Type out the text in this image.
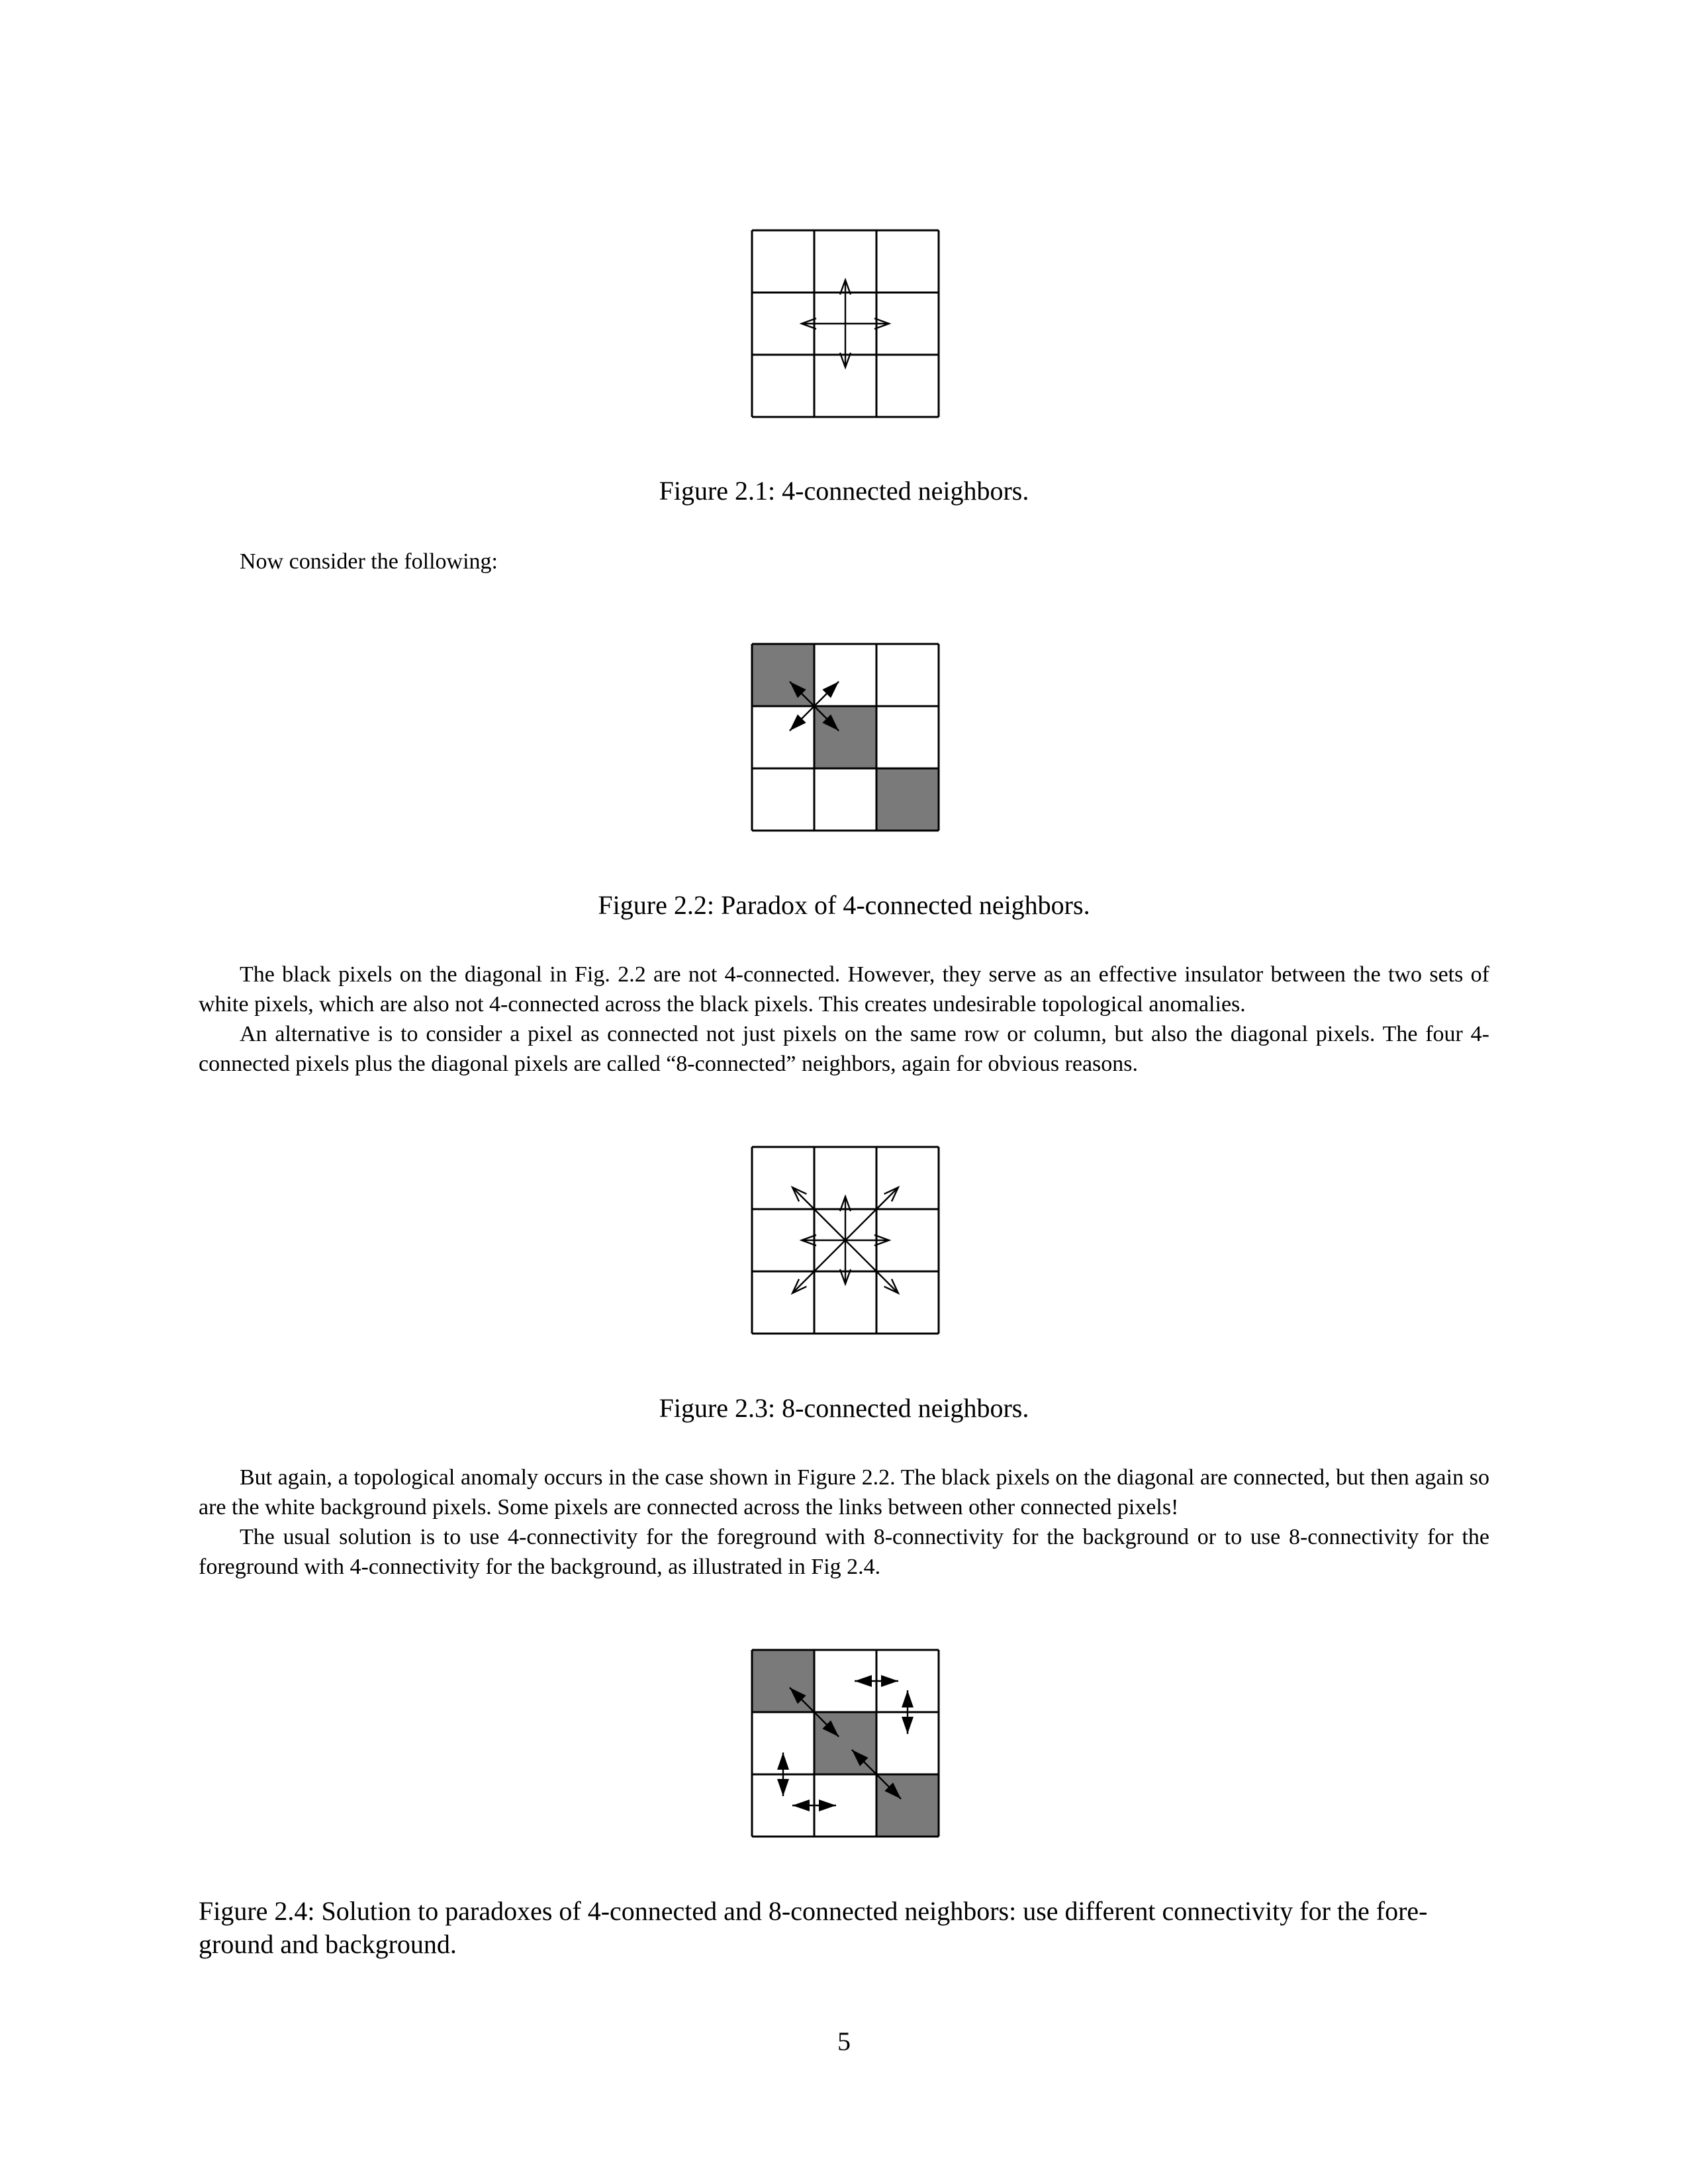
Figure 2.1: 4-connected neighbors.

Now consider the following:

Figure 2.2: Paradox of 4-connected neighbors.

The black pixels on the diagonal in Fig. 2.2 are not 4-connected. However, they serve as an effective insulator between the two sets of white pixels, which are also not 4-connected across the black pixels. This creates undesirable topological anomalies.

An alternative is to consider a pixel as connected not just pixels on the same row or column, but also the diagonal pixels. The four 4-connected pixels plus the diagonal pixels are called “8-connected” neighbors, again for obvious reasons.

Figure 2.3: 8-connected neighbors.

But again, a topological anomaly occurs in the case shown in Figure 2.2. The black pixels on the diagonal are connected, but then again so are the white background pixels. Some pixels are connected across the links between other connected pixels!

The usual solution is to use 4-connectivity for the foreground with 8-connectivity for the background or to use 8-connectivity for the foreground with 4-connectivity for the background, as illustrated in Fig 2.4.

Figure 2.4: Solution to paradoxes of 4-connected and 8-connected neighbors: use different connectivity for the fore-ground and background.

5
